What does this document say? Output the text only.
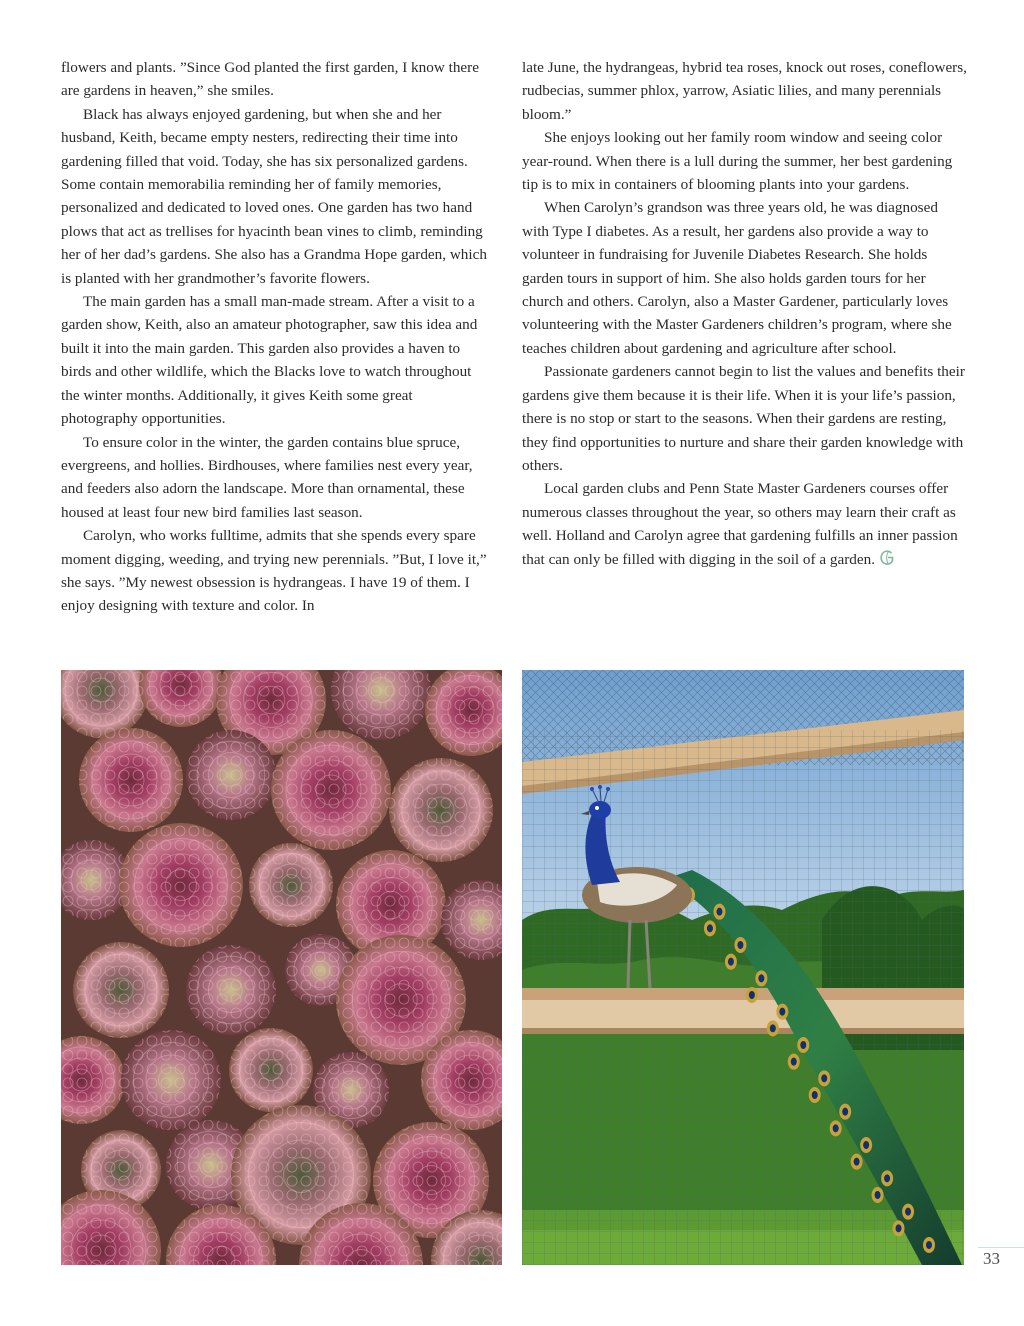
flowers and plants. ”Since God planted the first garden, I know there are gardens in heaven,” she smiles.

Black has always enjoyed gardening, but when she and her husband, Keith, became empty nesters, redirecting their time into gardening filled that void. Today, she has six personalized gardens. Some contain memorabilia reminding her of family memories, personalized and dedicated to loved ones. One garden has two hand plows that act as trellises for hyacinth bean vines to climb, reminding her of her dad’s gardens. She also has a Grandma Hope garden, which is planted with her grandmother’s favorite flowers.

The main garden has a small man-made stream. After a visit to a garden show, Keith, also an amateur photographer, saw this idea and built it into the main garden. This garden also provides a haven to birds and other wildlife, which the Blacks love to watch throughout the winter months. Additionally, it gives Keith some great photography opportunities.

To ensure color in the winter, the garden contains blue spruce, evergreens, and hollies. Birdhouses, where families nest every year, and feeders also adorn the landscape. More than ornamental, these housed at least four new bird families last season.

Carolyn, who works fulltime, admits that she spends every spare moment digging, weeding, and trying new perennials. ”But, I love it,” she says. ”My newest obsession is hydrangeas. I have 19 of them. I enjoy designing with texture and color. In

late June, the hydrangeas, hybrid tea roses, knock out roses, coneflowers, rudbecias, summer phlox, yarrow, Asiatic lilies, and many perennials bloom.”

She enjoys looking out her family room window and seeing color year-round. When there is a lull during the summer, her best gardening tip is to mix in containers of blooming plants into your gardens.

When Carolyn’s grandson was three years old, he was diagnosed with Type I diabetes. As a result, her gardens also provide a way to volunteer in fundraising for Juvenile Diabetes Research. She holds garden tours in support of him. She also holds garden tours for her church and others. Carolyn, also a Master Gardener, particularly loves volunteering with the Master Gardeners children’s program, where she teaches children about gardening and agriculture after school.

Passionate gardeners cannot begin to list the values and benefits their gardens give them because it is their life. When it is your life’s passion, there is no stop or start to the seasons. When their gardens are resting, they find opportunities to nurture and share their garden knowledge with others.

Local garden clubs and Penn State Master Gardeners courses offer numerous classes throughout the year, so others may learn their craft as well. Holland and Carolyn agree that gardening fulfills an inner passion that can only be filled with digging in the soil of a garden.

33
